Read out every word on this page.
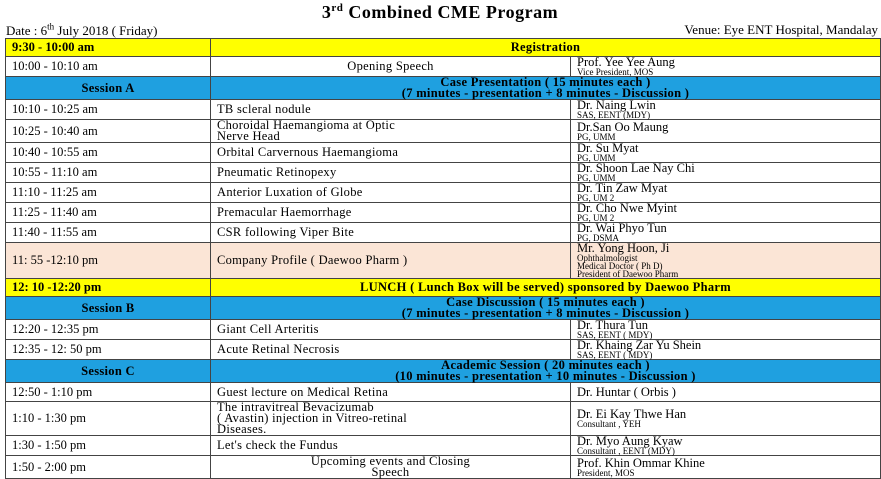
3rd Combined CME Program
Date : 6th July 2018 ( Friday)	Venue: Eye ENT Hospital, Mandalay
9:30 - 10:00 am	Registration	
10:00 - 10:10 am	Opening Speech	Prof. Yee Yee Aung
Vice President, MOS

Session A	Case Presentation ( 15 minutes each )
(7 minutes - presentation + 8 minutes - Discussion )	

10:10 - 10:25 am	TB scleral nodule	Dr. Naing Lwin
SAS, EENT (MDY)

10:25 - 10:40 am	Choroidal Haemangioma at Optic
Nerve Head	Dr.San Oo Maung
PG, UMM

10:40 - 10:55 am	Orbital Carvernous Haemangioma	Dr. Su Myat
PG, UMM

10:55 - 11:10 am	Pneumatic Retinopexy	Dr. Shoon Lae Nay Chi
PG, UMM

11:10 - 11:25 am	Anterior Luxation of Globe	Dr. Tin Zaw Myat
PG, UM 2

11:25 - 11:40 am	Premacular Haemorrhage	Dr. Cho Nwe Myint
PG, UM 2

11:40 - 11:55 am	CSR following Viper Bite	Dr. Wai Phyo Tun
PG, DSMA

11: 55 -12:10 pm	Company Profile ( Daewoo Pharm )	Mr. Yong Hoon, Ji
Ophthalmologist
Medical Doctor ( Ph D)
President of Daewoo Pharm

12: 10 -12:20 pm	LUNCH ( Lunch Box will be served) sponsored by Daewoo Pharm	
Session B	Case Discussion ( 15 minutes each )
(7 minutes - presentation + 8 minutes - Discussion )	

12:20 - 12:35 pm	Giant Cell Arteritis	Dr. Thura Tun
SAS, EENT ( MDY)

12:35 - 12: 50 pm	Acute Retinal Necrosis	Dr. Khaing Zar Yu Shein
SAS, EENT ( MDY)

Session C	Academic Session ( 20 minutes each )
(10 minutes - presentation + 10 minutes - Discussion )	

12:50 - 1:10 pm	Guest lecture on Medical Retina	Dr. Huntar ( Orbis )

1:10 - 1:30 pm	The intravitreal Bevacizumab
( Avastin) injection in Vitreo-retinal
Diseases.	Dr. Ei Kay Thwe Han
Consultant , YEH

1:30 - 1:50 pm	Let's check the Fundus	Dr. Myo Aung Kyaw
Consultant , EENT (MDY)

1:50 - 2:00 pm	Upcoming events and Closing
Speech	Prof. Khin Ommar Khine
President, MOS
